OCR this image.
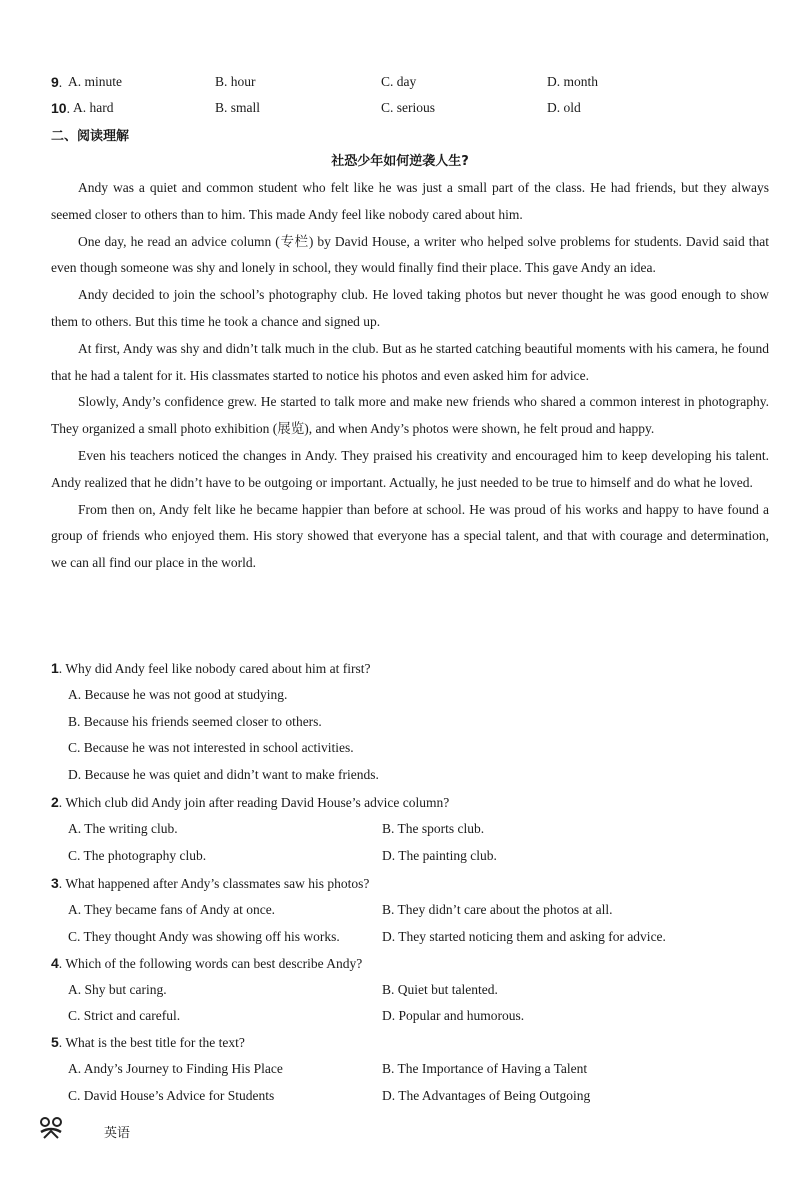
9. A. minute	B. hour	C. day	D. month
10. A. hard	B. small	C. serious	D. old
二、阅读理解
社恐少年如何逆袭人生?

Andy was a quiet and common student who felt like he was just a small part of the class. He had friends, but they always seemed closer to others than to him. This made Andy feel like nobody cared about him.

One day, he read an advice column (专栏) by David House, a writer who helped solve problems for students. David said that even though someone was shy and lonely in school, they would finally find their place. This gave Andy an idea.

Andy decided to join the school’s photography club. He loved taking photos but never thought he was good enough to show them to others. But this time he took a chance and signed up.

At first, Andy was shy and didn’t talk much in the club. But as he started catching beautiful moments with his camera, he found that he had a talent for it. His classmates started to notice his photos and even asked him for advice.

Slowly, Andy’s confidence grew. He started to talk more and make new friends who shared a common interest in photography. They organized a small photo exhibition (展览), and when Andy’s photos were shown, he felt proud and happy.

Even his teachers noticed the changes in Andy. They praised his creativity and encouraged him to keep developing his talent. Andy realized that he didn’t have to be outgoing or important. Actually, he just needed to be true to himself and do what he loved.

From then on, Andy felt like he became happier than before at school. He was proud of his works and happy to have found a group of friends who enjoyed them. His story showed that everyone has a special talent, and that with courage and determination, we can all find our place in the world.

1. Why did Andy feel like nobody cared about him at first?
A. Because he was not good at studying.
B. Because his friends seemed closer to others.
C. Because he was not interested in school activities.
D. Because he was quiet and didn’t want to make friends.
2. Which club did Andy join after reading David House’s advice column?
A. The writing club.	B. The sports club.
C. The photography club.	D. The painting club.
3. What happened after Andy’s classmates saw his photos?
A. They became fans of Andy at once.	B. They didn’t care about the photos at all.
C. They thought Andy was showing off his works.	D. They started noticing them and asking for advice.
4. Which of the following words can best describe Andy?
A. Shy but caring.	B. Quiet but talented.
C. Strict and careful.	D. Popular and humorous.
5. What is the best title for the text?
A. Andy’s Journey to Finding His Place	B. The Importance of Having a Talent
C. David House’s Advice for Students	D. The Advantages of Being Outgoing
英语
